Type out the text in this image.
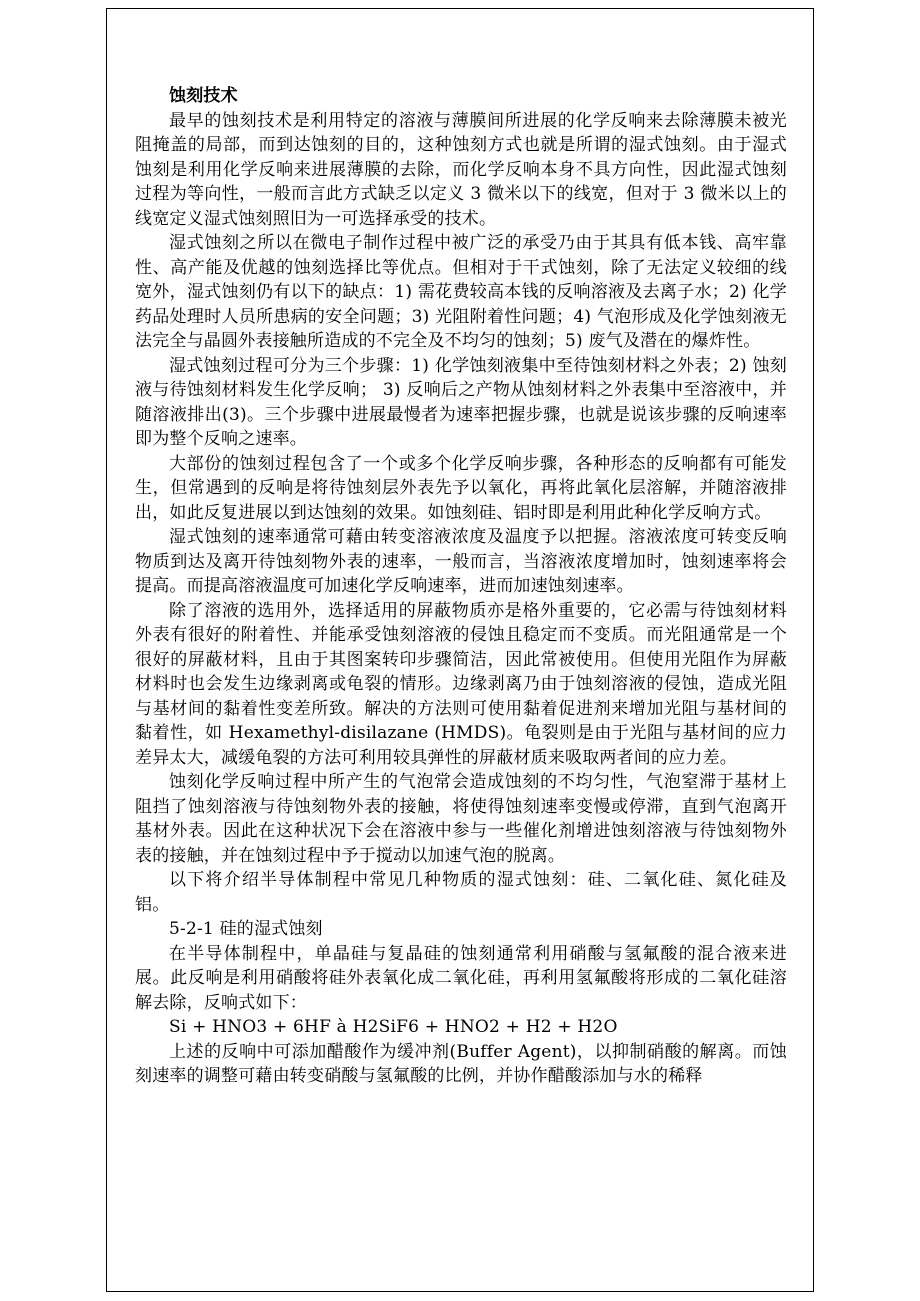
蚀刻技术

最早的蚀刻技术是利用特定的溶液与薄膜间所进展的化学反响来去除薄膜未被光阻掩盖的局部，而到达蚀刻的目的，这种蚀刻方式也就是所谓的湿式蚀刻。由于湿式蚀刻是利用化学反响来进展薄膜的去除，而化学反响本身不具方向性，因此湿式蚀刻过程为等向性，一般而言此方式缺乏以定义 3 微米以下的线宽，但对于 3 微米以上的线宽定义湿式蚀刻照旧为一可选择承受的技术。

湿式蚀刻之所以在微电子制作过程中被广泛的承受乃由于其具有低本钱、高牢靠性、高产能及优越的蚀刻选择比等优点。但相对于干式蚀刻，除了无法定义较细的线宽外，湿式蚀刻仍有以下的缺点：1) 需花费较高本钱的反响溶液及去离子水；2) 化学药品处理时人员所患病的安全问题；3) 光阻附着性问题；4) 气泡形成及化学蚀刻液无法完全与晶圆外表接触所造成的不完全及不均匀的蚀刻；5) 废气及潜在的爆炸性。

湿式蚀刻过程可分为三个步骤：1) 化学蚀刻液集中至待蚀刻材料之外表；2) 蚀刻液与待蚀刻材料发生化学反响； 3) 反响后之产物从蚀刻材料之外表集中至溶液中，并随溶液排出(3)。三个步骤中进展最慢者为速率把握步骤，也就是说该步骤的反响速率即为整个反响之速率。

大部份的蚀刻过程包含了一个或多个化学反响步骤，各种形态的反响都有可能发生，但常遇到的反响是将待蚀刻层外表先予以氧化，再将此氧化层溶解，并随溶液排出，如此反复进展以到达蚀刻的效果。如蚀刻硅、铝时即是利用此种化学反响方式。

湿式蚀刻的速率通常可藉由转变溶液浓度及温度予以把握。溶液浓度可转变反响物质到达及离开待蚀刻物外表的速率，一般而言，当溶液浓度增加时，蚀刻速率将会提高。而提高溶液温度可加速化学反响速率，进而加速蚀刻速率。

除了溶液的选用外，选择适用的屏蔽物质亦是格外重要的，它必需与待蚀刻材料外表有很好的附着性、并能承受蚀刻溶液的侵蚀且稳定而不变质。而光阻通常是一个很好的屏蔽材料，且由于其图案转印步骤简洁，因此常被使用。但使用光阻作为屏蔽材料时也会发生边缘剥离或龟裂的情形。边缘剥离乃由于蚀刻溶液的侵蚀，造成光阻与基材间的黏着性变差所致。解决的方法则可使用黏着促进剂来增加光阻与基材间的黏着性，如 Hexamethyl-disilazane (HMDS)。龟裂则是由于光阻与基材间的应力差异太大，减缓龟裂的方法可利用较具弹性的屏蔽材质来吸取两者间的应力差。

蚀刻化学反响过程中所产生的气泡常会造成蚀刻的不均匀性，气泡窒滞于基材上阻挡了蚀刻溶液与待蚀刻物外表的接触，将使得蚀刻速率变慢或停滞，直到气泡离开基材外表。因此在这种状况下会在溶液中参与一些催化剂增进蚀刻溶液与待蚀刻物外表的接触，并在蚀刻过程中予于搅动以加速气泡的脱离。

以下将介绍半导体制程中常见几种物质的湿式蚀刻：硅、二氧化硅、氮化硅及铝。

5-2-1 硅的湿式蚀刻

在半导体制程中，单晶硅与复晶硅的蚀刻通常利用硝酸与氢氟酸的混合液来进展。此反响是利用硝酸将硅外表氧化成二氧化硅，再利用氢氟酸将形成的二氧化硅溶解去除，反响式如下：

Si + HNO3 + 6HF à H2SiF6 + HNO2 + H2 + H2O

上述的反响中可添加醋酸作为缓冲剂(Buffer Agent)，以抑制硝酸的解离。而蚀刻速率的调整可藉由转变硝酸与氢氟酸的比例，并协作醋酸添加与水的稀释
